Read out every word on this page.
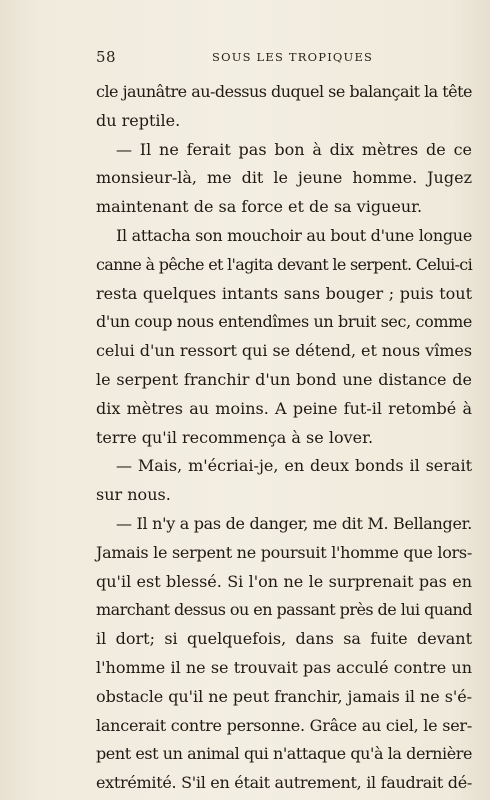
58	SOUS LES TROPIQUES
cle jaunâtre au-dessus duquel se balançait la tête
du reptile.
— Il ne ferait pas bon à dix mètres de ce
monsieur-là, me dit le jeune homme. Jugez
maintenant de sa force et de sa vigueur.
Il attacha son mouchoir au bout d'une longue
canne à pêche et l'agita devant le serpent. Celui-ci
resta quelques intants sans bouger ; puis tout
d'un coup nous entendîmes un bruit sec, comme
celui d'un ressort qui se détend, et nous vîmes
le serpent franchir d'un bond une distance de
dix mètres au moins. A peine fut-il retombé à
terre qu'il recommença à se lover.
— Mais, m'écriai-je, en deux bonds il serait
sur nous.
— Il n'y a pas de danger, me dit M. Bellanger.
Jamais le serpent ne poursuit l'homme que lors-
qu'il est blessé. Si l'on ne le surprenait pas en
marchant dessus ou en passant près de lui quand
il dort; si quelquefois, dans sa fuite devant
l'homme il ne se trouvait pas acculé contre un
obstacle qu'il ne peut franchir, jamais il ne s'é-
lancerait contre personne. Grâce au ciel, le ser-
pent est un animal qui n'attaque qu'à la dernière
extrémité. S'il en était autrement, il faudrait dé-
